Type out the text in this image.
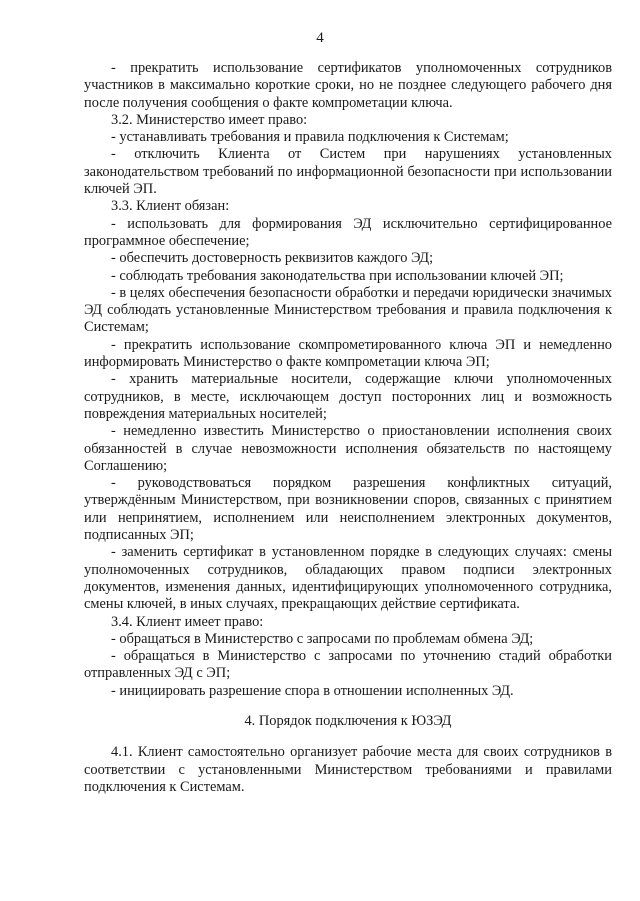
4

- прекратить использование сертификатов уполномоченных сотрудников участников в максимально короткие сроки, но не позднее следующего рабочего дня после получения сообщения о факте компрометации ключа.

3.2. Министерство имеет право:

- устанавливать требования и правила подключения к Системам;

- отключить Клиента от Систем при нарушениях установленных законодательством требований по информационной безопасности при использовании ключей ЭП.

3.3. Клиент обязан:

- использовать для формирования ЭД исключительно сертифицированное программное обеспечение;

- обеспечить достоверность реквизитов каждого ЭД;

- соблюдать требования законодательства при использовании ключей ЭП;

- в целях обеспечения безопасности обработки и передачи юридически значимых ЭД соблюдать установленные Министерством требования и правила подключения к Системам;

- прекратить использование скомпрометированного ключа ЭП и немедленно информировать Министерство о факте компрометации ключа ЭП;

- хранить материальные носители, содержащие ключи уполномоченных сотрудников, в месте, исключающем доступ посторонних лиц и возможность повреждения материальных носителей;

- немедленно известить Министерство о приостановлении исполнения своих обязанностей в случае невозможности исполнения обязательств по настоящему Соглашению;

- руководствоваться порядком разрешения конфликтных ситуаций, утверждённым Министерством, при возникновении споров, связанных с принятием или непринятием, исполнением или неисполнением электронных документов, подписанных ЭП;

- заменить сертификат в установленном порядке в следующих случаях: смены уполномоченных сотрудников, обладающих правом подписи электронных документов, изменения данных, идентифицирующих уполномоченного сотрудника, смены ключей, в иных случаях, прекращающих действие сертификата.

3.4. Клиент имеет право:

- обращаться в Министерство с запросами по проблемам обмена ЭД;

- обращаться в Министерство с запросами по уточнению стадий обработки отправленных ЭД с ЭП;

- инициировать разрешение спора в отношении исполненных ЭД.

4. Порядок подключения к ЮЗЭД

4.1. Клиент самостоятельно организует рабочие места для своих сотрудников в соответствии с установленными Министерством требованиями и правилами подключения к Системам.
